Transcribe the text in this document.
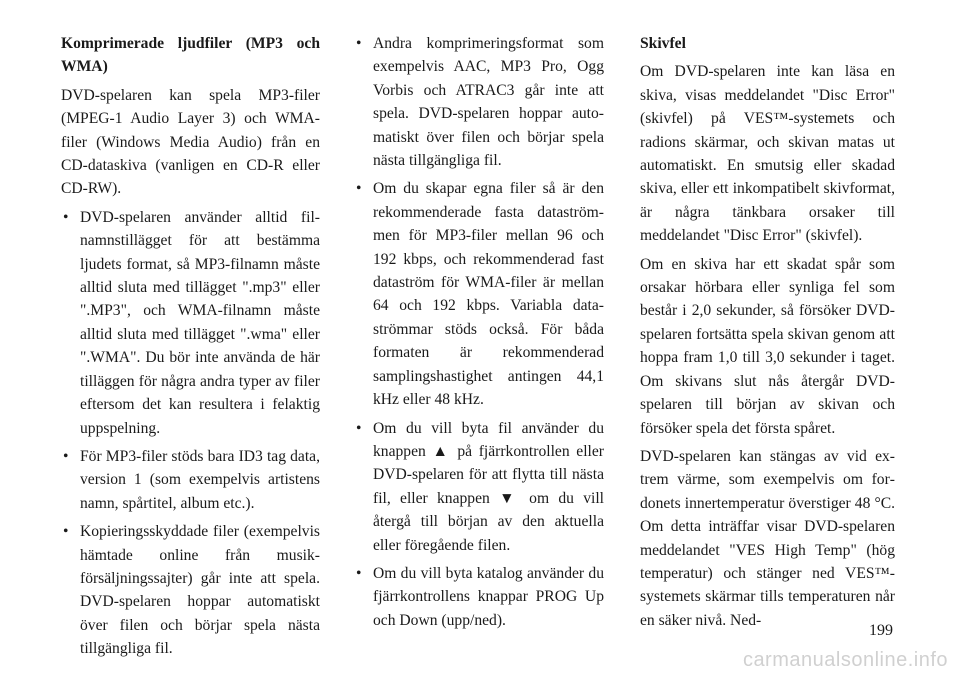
Komprimerade ljudfiler (MP3 och WMA)

DVD-spelaren kan spela MP3-filer (MPEG-1 Audio Layer 3) och WMA-filer (Windows Media Audio) från en CD-dataskiva (vanligen en CD-R eller CD-RW).

• DVD-spelaren använder alltid filnamnstillägget för att bestämma ljudets format, så MP3-filnamn måste alltid sluta med tillägget ".mp3" eller ".MP3", och WMA-filnamn måste alltid sluta med tillägget ".wma" eller ".WMA". Du bör inte använda de här tilläggen för några andra typer av filer eftersom det kan resultera i felaktig uppspelning.
• För MP3-filer stöds bara ID3 tag data, version 1 (som exempelvis artistens namn, spårtitel, album etc.).
• Kopieringsskyddade filer (exempelvis hämtade online från musikförsäljningssajter) går inte att spela. DVD-spelaren hoppar automatiskt över filen och börjar spela nästa tillgängliga fil.
• Andra komprimeringsformat som exempelvis AAC, MP3 Pro, Ogg Vorbis och ATRAC3 går inte att spela. DVD-spelaren hoppar automatiskt över filen och börjar spela nästa tillgängliga fil.
• Om du skapar egna filer så är den rekommenderade fasta dataströmmen för MP3-filer mellan 96 och 192 kbps, och rekommenderad fast dataström för WMA-filer är mellan 64 och 192 kbps. Variabla dataströmmar stöds också. För båda formaten är rekommenderad samplingshastighet antingen 44,1 kHz eller 48 kHz.
• Om du vill byta fil använder du knappen ▲ på fjärrkontrollen eller DVD-spelaren för att flytta till nästa fil, eller knappen ▼ om du vill återgå till början av den aktuella eller föregående filen.
• Om du vill byta katalog använder du fjärrkontrollens knappar PROG Up och Down (upp/ned).
Skivfel

Om DVD-spelaren inte kan läsa en skiva, visas meddelandet "Disc Error" (skivfel) på VES™-systemets och radions skärmar, och skivan matas ut automatiskt. En smutsig eller skadad skiva, eller ett inkompatibelt skivformat, är några tänkbara orsaker till meddelandet "Disc Error" (skivfel).

Om en skiva har ett skadat spår som orsakar hörbara eller synliga fel som består i 2,0 sekunder, så försöker DVD-spelaren fortsätta spela skivan genom att hoppa fram 1,0 till 3,0 sekunder i taget. Om skivans slut nås återgår DVD-spelaren till början av skivan och försöker spela det första spåret.

DVD-spelaren kan stängas av vid extrem värme, som exempelvis om fordonets innertemperatur överstiger 48 °C. Om detta inträffar visar DVD-spelaren meddelandet "VES High Temp" (hög temperatur) och stänger ned VES™-systemets skärmar tills temperaturen når en säker nivå. Ned-

199
carmanualsonline.info
